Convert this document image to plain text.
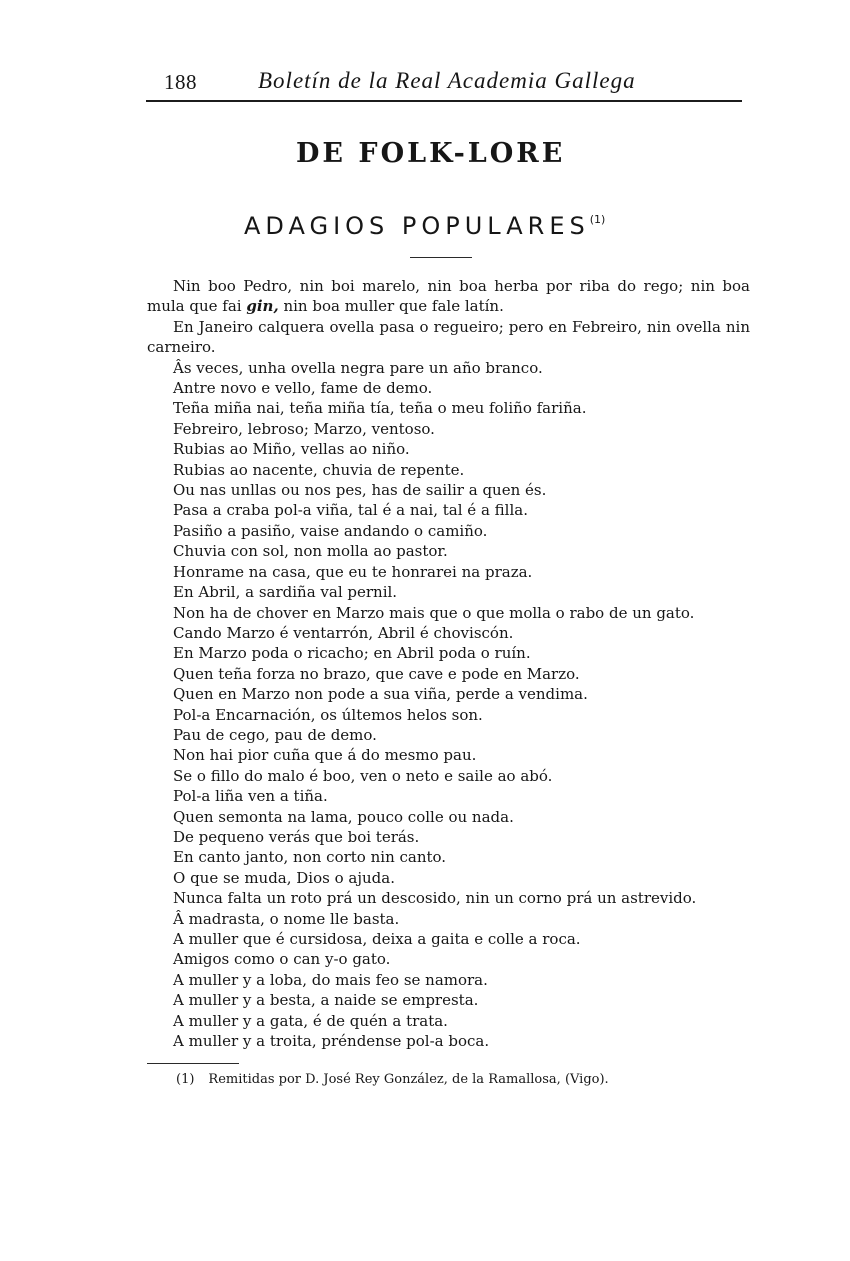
188	Boletín de la Real Academia Gallega
DE FOLK-LORE
ADAGIOS POPULARES$^{(1)}$

Nin boo Pedro, nin boi marelo, nin boa herba por riba do rego; nin boa mula que fai gin, nin boa muller que fale latín.

En Janeiro calquera ovella pasa o regueiro; pero en Febreiro, nin ovella nin carneiro.

Âs veces, unha ovella negra pare un año branco.

Antre novo e vello, fame de demo.

Teña miña nai, teña miña tía, teña o meu foliño fariña.

Febreiro, lebroso; Marzo, ventoso.

Rubias ao Miño, vellas ao niño.

Rubias ao nacente, chuvia de repente.

Ou nas unllas ou nos pes, has de sailir a quen és.

Pasa a craba pol-a viña, tal é a nai, tal é a filla.

Pasiño a pasiño, vaise andando o camiño.

Chuvia con sol, non molla ao pastor.

Honrame na casa, que eu te honrarei na praza.

En Abril, a sardiña val pernil.

Non ha de chover en Marzo mais que o que molla o rabo de un gato.

Cando Marzo é ventarrón, Abril é choviscón.

En Marzo poda o ricacho; en Abril poda o ruín.

Quen teña forza no brazo, que cave e pode en Marzo.

Quen en Marzo non pode a sua viña, perde a vendima.

Pol-a Encarnación, os últemos helos son.

Pau de cego, pau de demo.

Non hai pior cuña que á do mesmo pau.

Se o fillo do malo é boo, ven o neto e saile ao abó.

Pol-a liña ven a tiña.

Quen semonta na lama, pouco colle ou nada.

De pequeno verás que boi terás.

En canto janto, non corto nin canto.

O que se muda, Dios o ajuda.

Nunca falta un roto prá un descosido, nin un corno prá un astrevido.

Â madrasta, o nome lle basta.

A muller que é cursidosa, deixa a gaita e colle a roca.

Amigos como o can y-o gato.

A muller y a loba, do mais feo se namora.

A muller y a besta, a naide se empresta.

A muller y a gata, é de quén a trata.

A muller y a troita, préndense pol-a boca.

(1) Remitidas por D. José Rey González, de la Ramallosa, (Vigo).
